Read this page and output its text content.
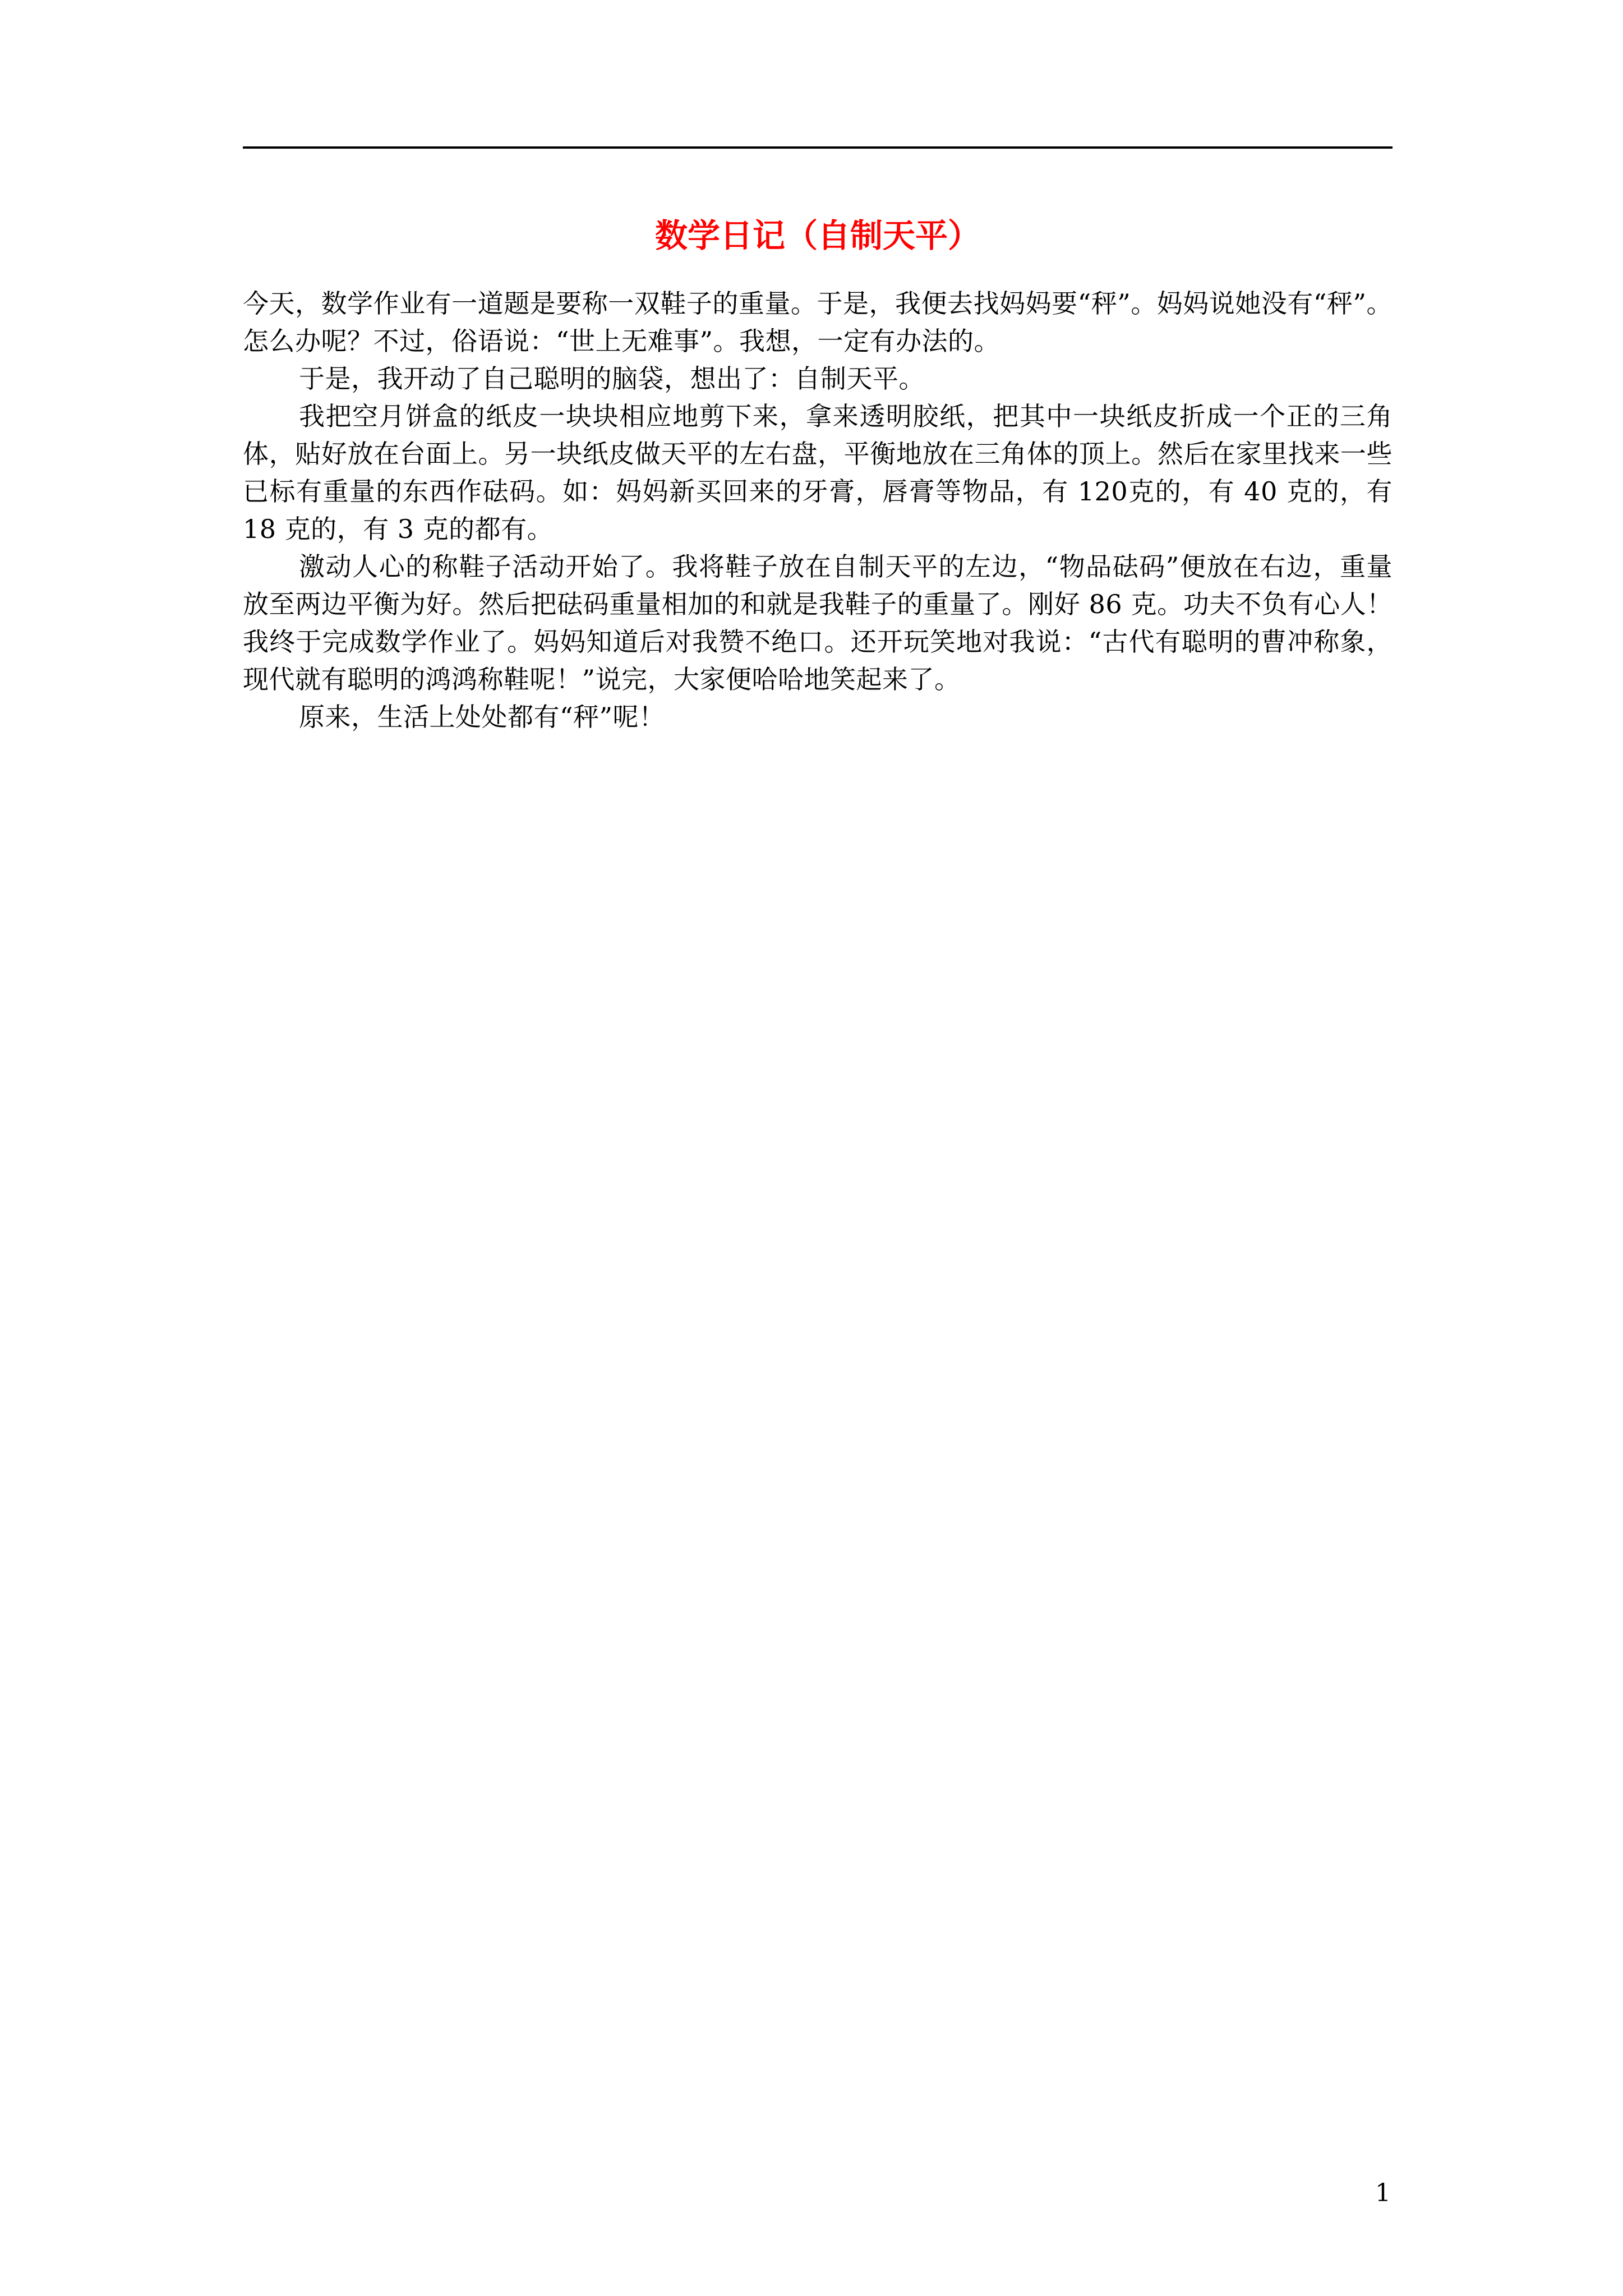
数学日记（自制天平）

今天，数学作业有一道题是要称一双鞋子的重量。于是，我便去找妈妈要“秤”。妈妈说她没有“秤”。怎么办呢？不过，俗语说：“世上无难事”。我想，一定有办法的。

于是，我开动了自己聪明的脑袋，想出了：自制天平。

我把空月饼盒的纸皮一块块相应地剪下来，拿来透明胶纸，把其中一块纸皮折成一个正的三角体，贴好放在台面上。另一块纸皮做天平的左右盘，平衡地放在三角体的顶上。然后在家里找来一些已标有重量的东西作砝码。如：妈妈新买回来的牙膏，唇膏等物品，有 120克的，有 40 克的，有 18 克的，有 3 克的都有。

激动人心的称鞋子活动开始了。我将鞋子放在自制天平的左边，“物品砝码”便放在右边，重量放至两边平衡为好。然后把砝码重量相加的和就是我鞋子的重量了。刚好 86 克。功夫不负有心人！我终于完成数学作业了。妈妈知道后对我赞不绝口。还开玩笑地对我说：“古代有聪明的曹冲称象，现代就有聪明的鸿鸿称鞋呢！”说完，大家便哈哈地笑起来了。

原来，生活上处处都有“秤”呢！

1
